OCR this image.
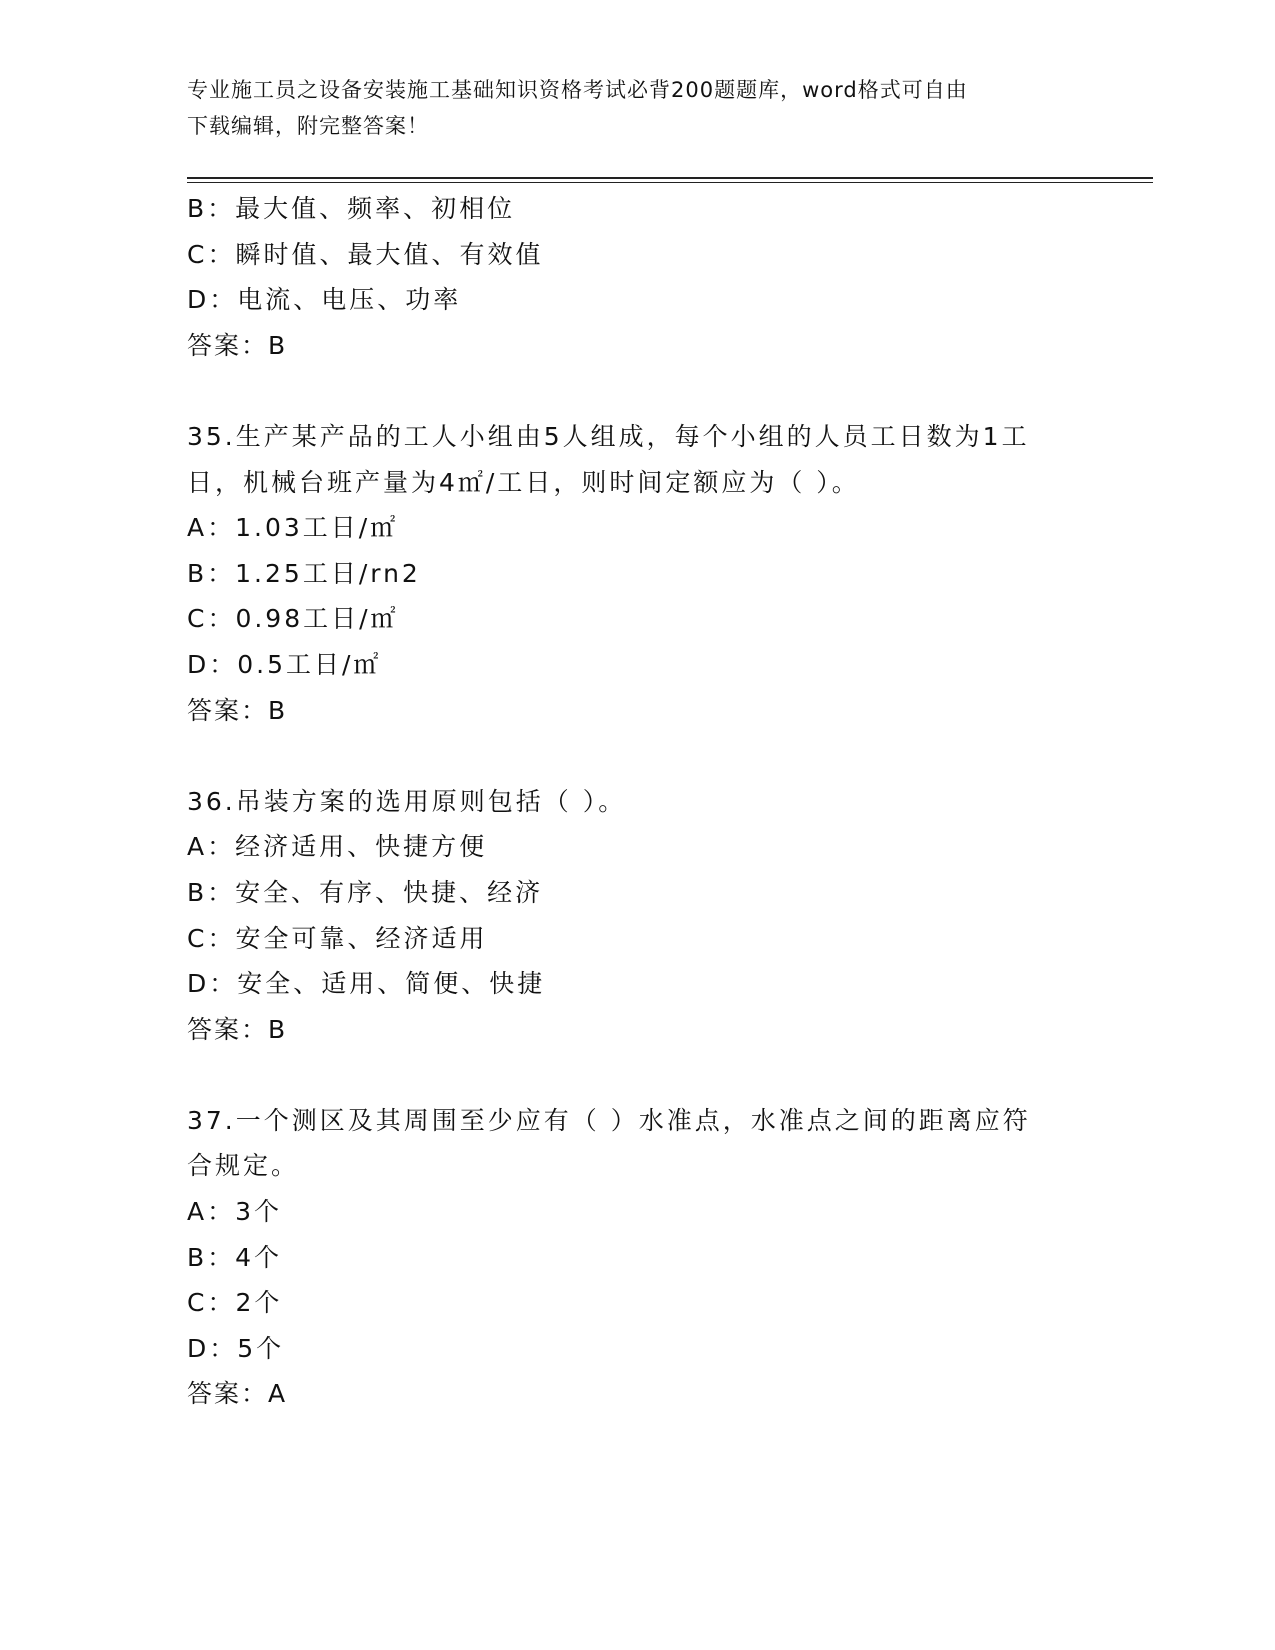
专业施工员之设备安装施工基础知识资格考试必背200题题库，word格式可自由
下载编辑，附完整答案！
B：最大值、频率、初相位
C：瞬时值、最大值、有效值
D：电流、电压、功率
答案：B
35.生产某产品的工人小组由5人组成，每个小组的人员工日数为1工
日，机械台班产量为4㎡/工日，则时间定额应为（ ）。
A：1.03工日/㎡
B：1.25工日/rn2
C：0.98工日/㎡
D：0.5工日/㎡
答案：B
36.吊装方案的选用原则包括（ ）。
A：经济适用、快捷方便
B：安全、有序、快捷、经济
C：安全可靠、经济适用
D：安全、适用、简便、快捷
答案：B
37.一个测区及其周围至少应有（ ）水准点，水准点之间的距离应符
合规定。
A：3个
B：4个
C：2个
D：5个
答案：A
